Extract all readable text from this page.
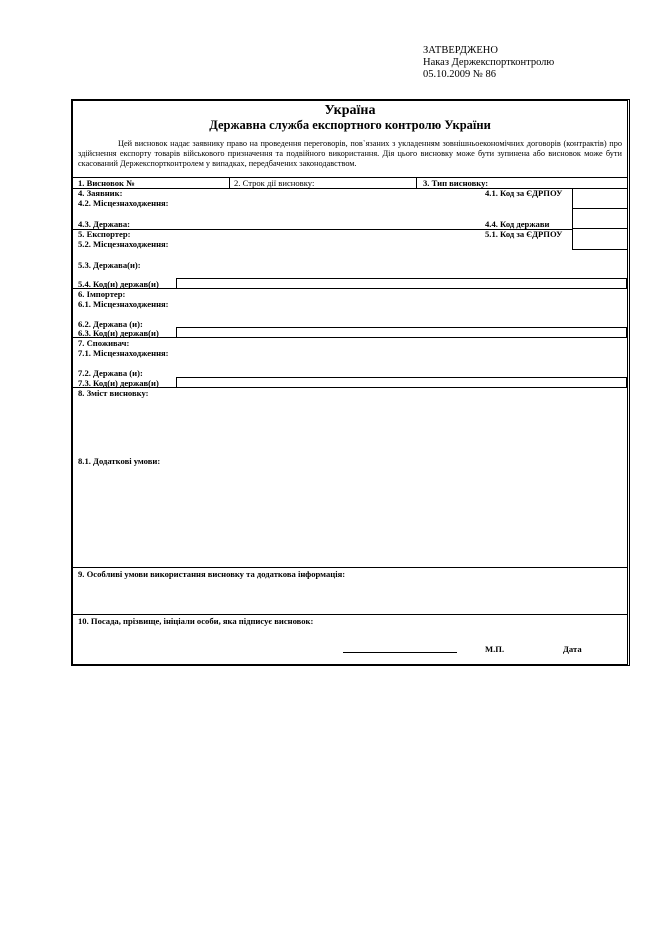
ЗАТВЕРДЖЕНО
Наказ Держекспортконтролю
05.10.2009 № 86
Україна
Державна служба експортного контролю України
Цей висновок надає заявнику право на проведення переговорів, пов`язаних з укладенням зовнішньоекономічних договорів (контрактів) про здійснення експорту товарів військового призначення та подвійного використання. Дія цього висновку може бути зупинена або висновок може бути скасований Держекспортконтролем у випадках, передбачених законодавством.
1. Висновок №	2. Строк дії висновку:	3. Тип висновку:
4. Заявник:	4.1. Код за ЄДРПОУ
4.2. Місцезнаходження:
4.3. Держава:	4.4. Код держави
5. Експортер:	5.1. Код за ЄДРПОУ
5.2. Місцезнаходження:
5.3. Держава(и):
5.4. Код(и) держав(и)
6. Імпортер:
6.1. Місцезнаходження:
6.2. Держава (и):
6.3. Код(и) держав(и)
7. Споживач:
7.1. Місцезнаходження:
7.2. Держава (и):
7.3. Код(и) держав(и)
8. Зміст висновку:
8.1. Додаткові умови:
9. Особливі умови використання висновку та додаткова інформація:
10. Посада, прізвище, ініціали особи, яка підписує висновок:
М.П.	Дата
